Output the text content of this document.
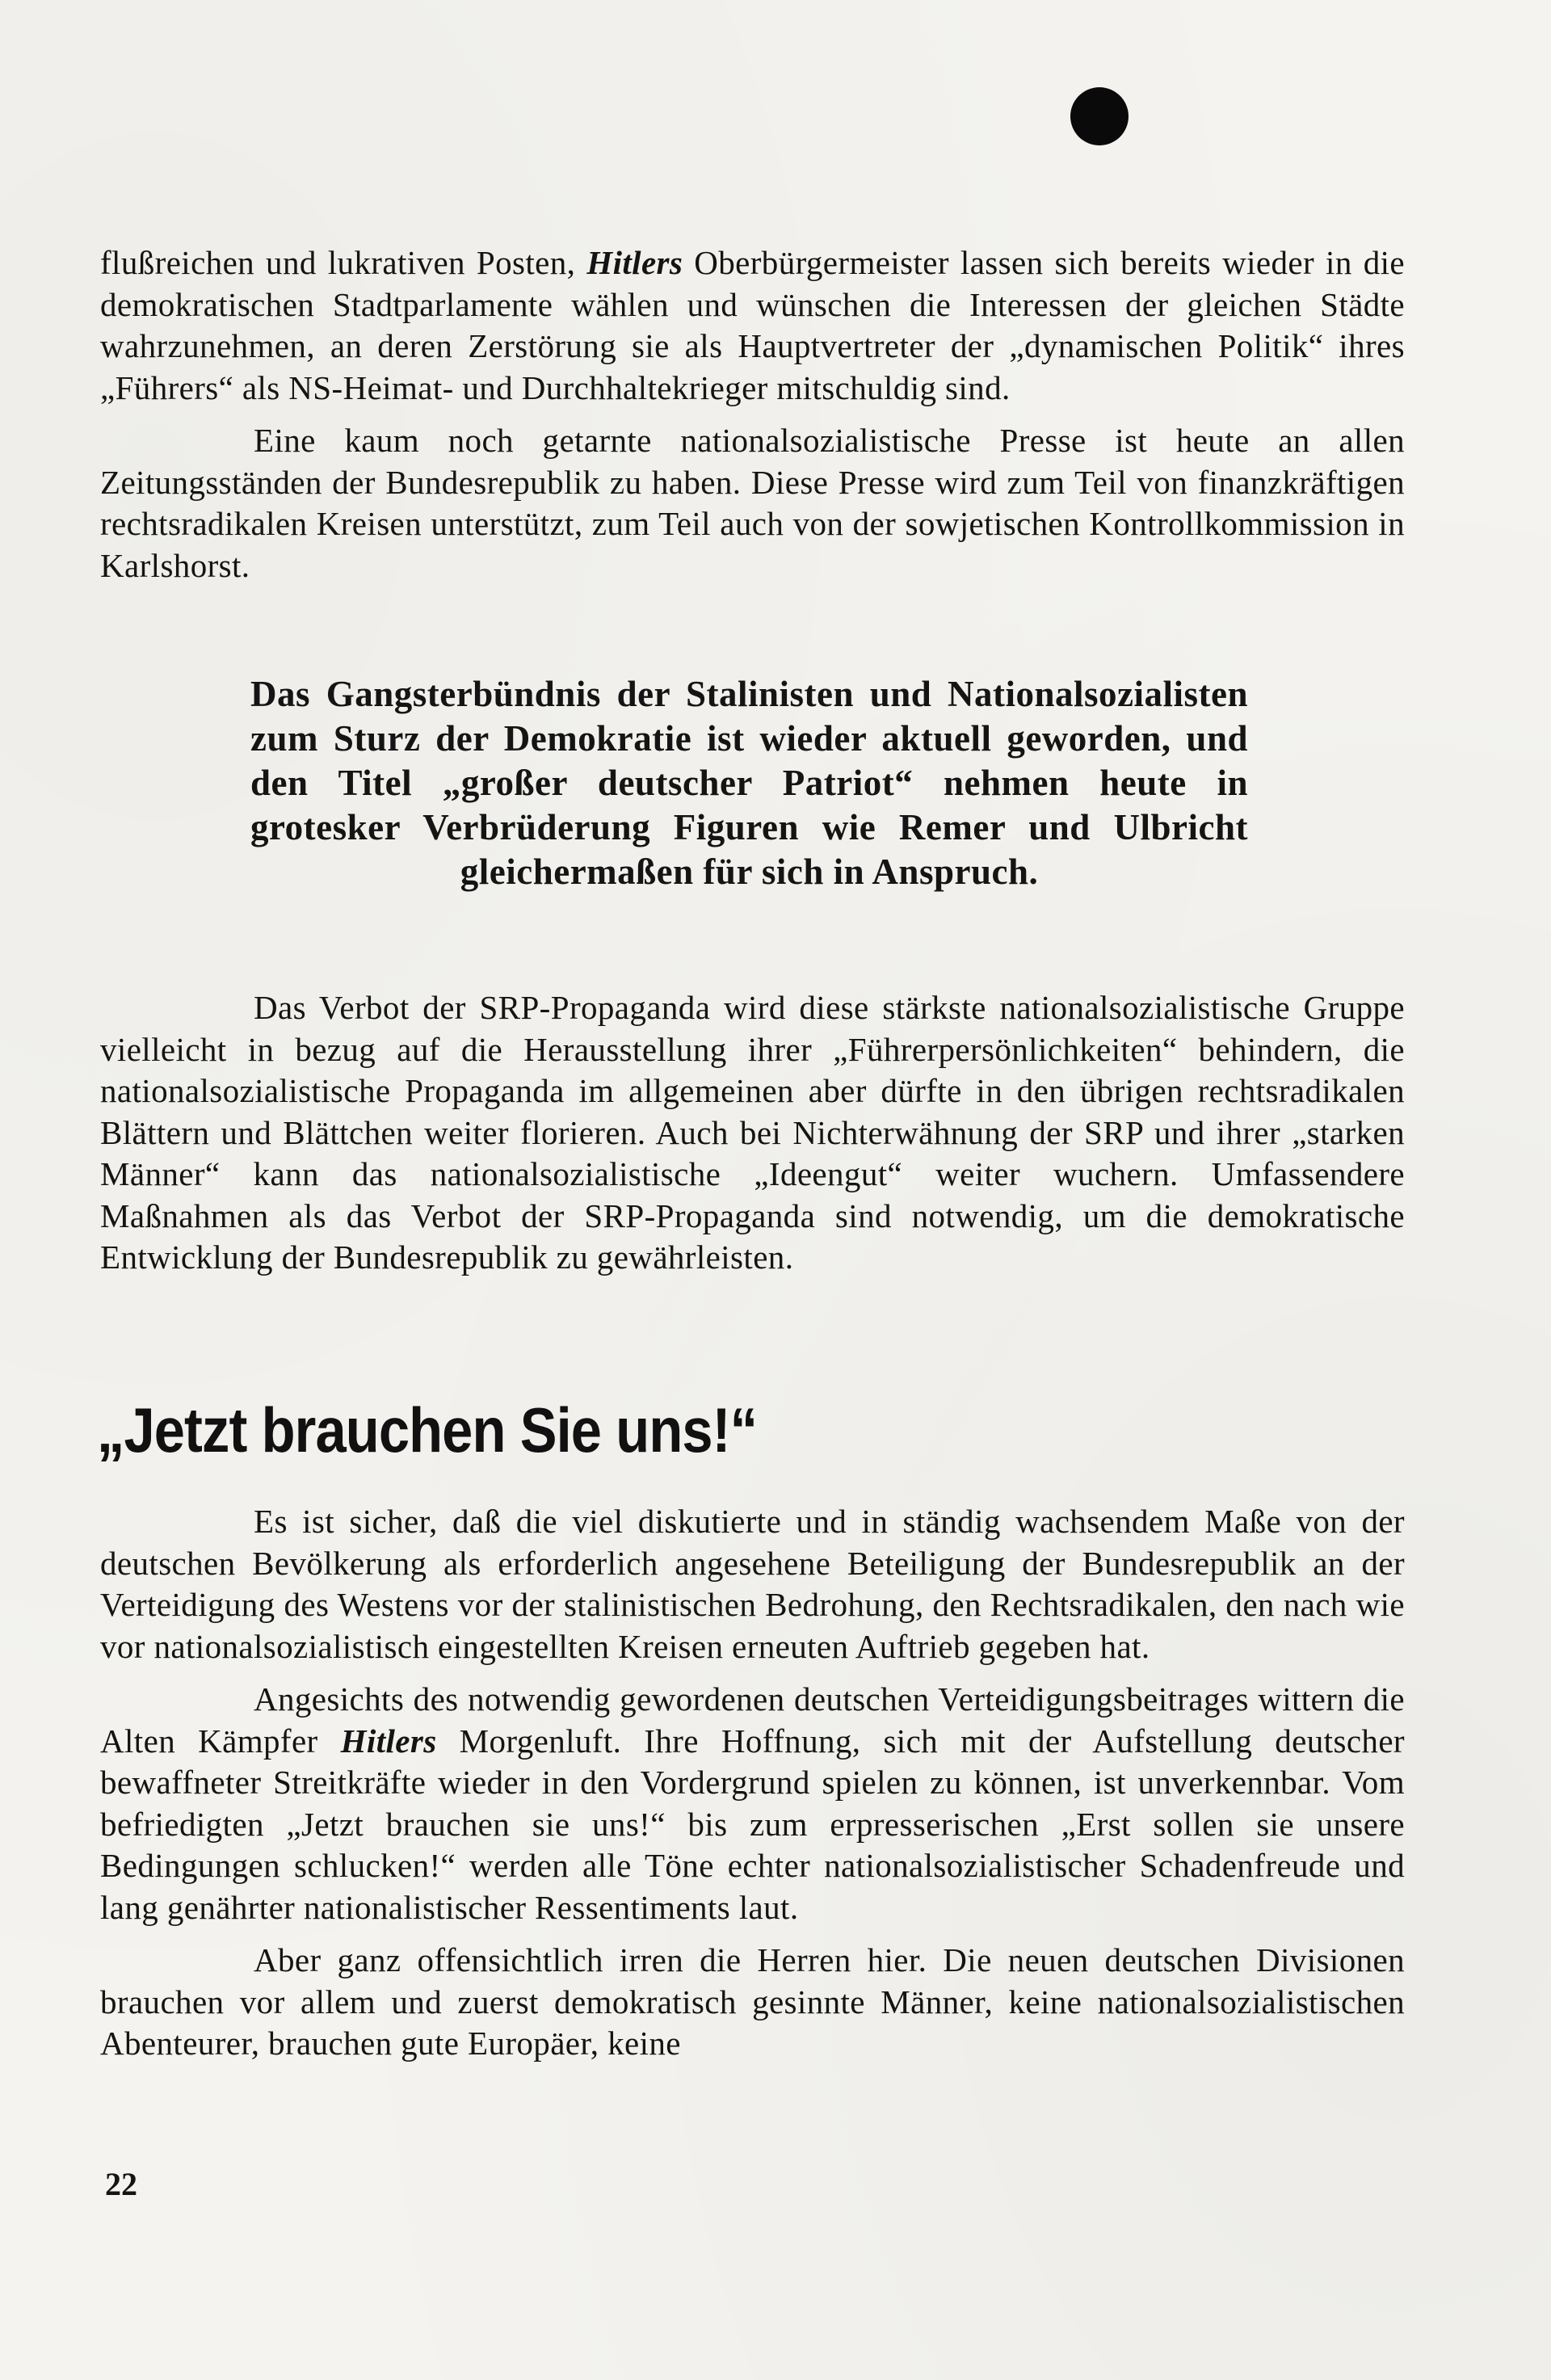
flußreichen und lukrativen Posten, Hitlers Oberbürgermeister lassen sich bereits wieder in die demokratischen Stadtparlamente wählen und wünschen die Interessen der gleichen Städte wahrzunehmen, an deren Zerstörung sie als Hauptvertreter der „dynamischen Politik“ ihres „Führers“ als NS-Heimat- und Durchhaltekrieger mitschuldig sind.

Eine kaum noch getarnte nationalsozialistische Presse ist heute an allen Zeitungsständen der Bundesrepublik zu haben. Diese Presse wird zum Teil von finanzkräftigen rechtsradikalen Kreisen unterstützt, zum Teil auch von der sowjetischen Kontrollkommission in Karlshorst.

Das Gangsterbündnis der Stalinisten und Nationalsozialisten zum Sturz der Demokratie ist wieder aktuell geworden, und den Titel „großer deutscher Patriot“ nehmen heute in grotesker Verbrüderung Figuren wie Remer und Ulbricht gleichermaßen für sich in Anspruch.

Das Verbot der SRP-Propaganda wird diese stärkste nationalsozialistische Gruppe vielleicht in bezug auf die Herausstellung ihrer „Führerpersönlichkeiten“ behindern, die nationalsozialistische Propaganda im allgemeinen aber dürfte in den übrigen rechtsradikalen Blättern und Blättchen weiter florieren. Auch bei Nichterwähnung der SRP und ihrer „starken Männer“ kann das nationalsozialistische „Ideengut“ weiter wuchern. Umfassendere Maßnahmen als das Verbot der SRP-Propaganda sind notwendig, um die demokratische Entwicklung der Bundesrepublik zu gewährleisten.

„Jetzt brauchen Sie uns!“

Es ist sicher, daß die viel diskutierte und in ständig wachsendem Maße von der deutschen Bevölkerung als erforderlich angesehene Beteiligung der Bundesrepublik an der Verteidigung des Westens vor der stalinistischen Bedrohung, den Rechtsradikalen, den nach wie vor nationalsozialistisch eingestellten Kreisen erneuten Auftrieb gegeben hat.

Angesichts des notwendig gewordenen deutschen Verteidigungsbeitrages wittern die Alten Kämpfer Hitlers Morgenluft. Ihre Hoffnung, sich mit der Aufstellung deutscher bewaffneter Streitkräfte wieder in den Vordergrund spielen zu können, ist unverkennbar. Vom befriedigten „Jetzt brauchen sie uns!“ bis zum erpresserischen „Erst sollen sie unsere Bedingungen schlucken!“ werden alle Töne echter nationalsozialistischer Schadenfreude und lang genährter nationalistischer Ressentiments laut.

Aber ganz offensichtlich irren die Herren hier. Die neuen deutschen Divisionen brauchen vor allem und zuerst demokratisch gesinnte Männer, keine nationalsozialistischen Abenteurer, brauchen gute Europäer, keine

22
